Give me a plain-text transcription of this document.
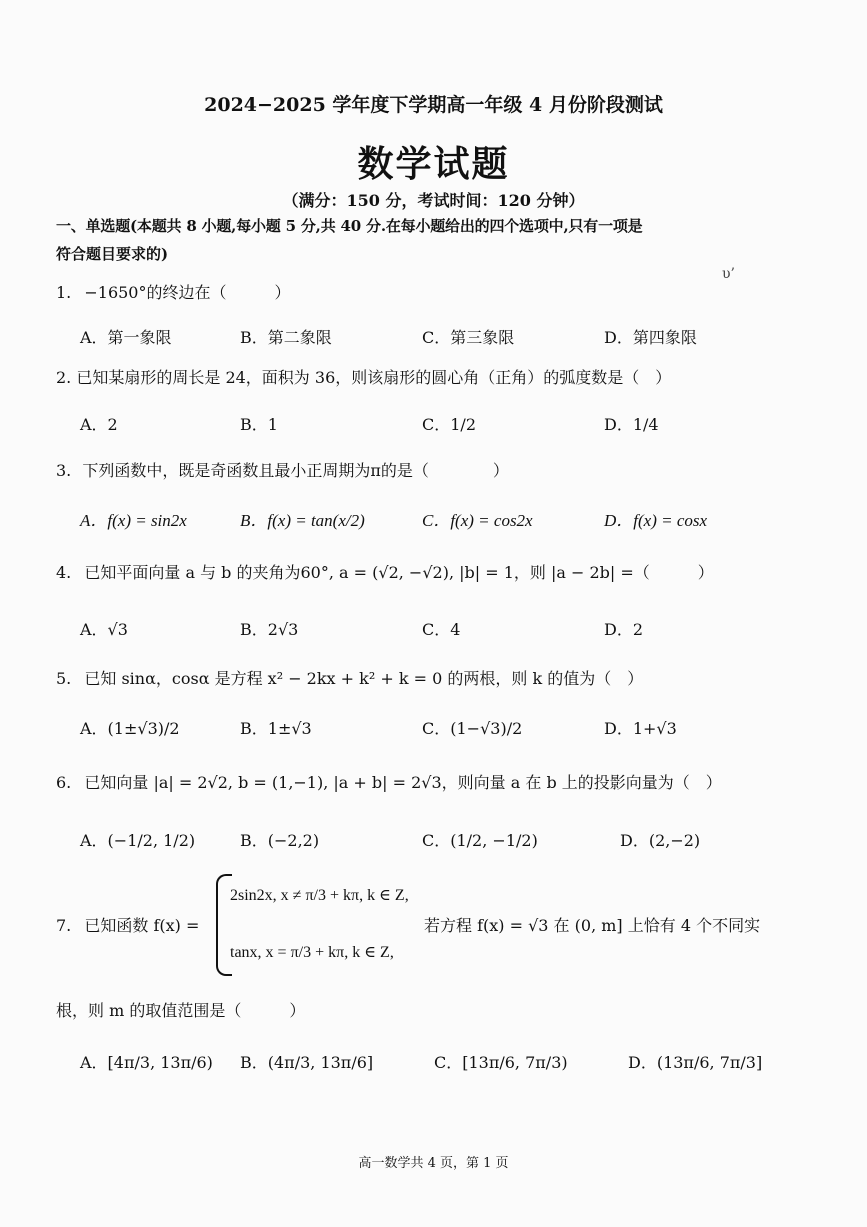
2024−2025 学年度下学期高一年级 4 月份阶段测试
数学试题
（满分：150 分，考试时间：120 分钟）
一、单选题(本题共 8 小题,每小题 5 分,共 40 分.在每小题给出的四个选项中,只有一项是
符合题目要求的)
υ’
1. −1650°的终边在（　　　）
A．第一象限	B．第二象限	C．第三象限	D．第四象限
2. 已知某扇形的周长是 24，面积为 36，则该扇形的圆心角（正角）的弧度数是（　）
A．2	B．1	C．1/2	D．1/4
3. 下列函数中，既是奇函数且最小正周期为π的是（　　　　）
A．f(x) = sin2x	B．f(x) = tan(x/2)	C．f(x) = cos2x	D．f(x) = cosx
4. 已知平面向量 a 与 b 的夹角为60°, a = (√2, −√2), |b| = 1，则 |a − 2b| =（　　　）
A．√3	B．2√3	C．4	D．2
5. 已知 sinα，cosα 是方程 x² − 2kx + k² + k = 0 的两根，则 k 的值为（　）
A．(1±√3)/2	B．1±√3	C．(1−√3)/2	D．1+√3
6. 已知向量 |a| = 2√2, b = (1,−1), |a + b| = 2√3，则向量 a 在 b 上的投影向量为（　）
A．(−1/2, 1/2)	B．(−2,2)	C．(1/2, −1/2)	D．(2,−2)
7. 已知函数 f(x) =
2sin2x, x ≠ π/3 + kπ, k ∈ Z,
tanx, x = π/3 + kπ, k ∈ Z,
若方程 f(x) = √3 在 (0, m] 上恰有 4 个不同实
根，则 m 的取值范围是（　　　）
A．[4π/3, 13π/6) B．(4π/3, 13π/6]	C．[13π/6, 7π/3)	D．(13π/6, 7π/3]
高一数学共 4 页，第 1 页
